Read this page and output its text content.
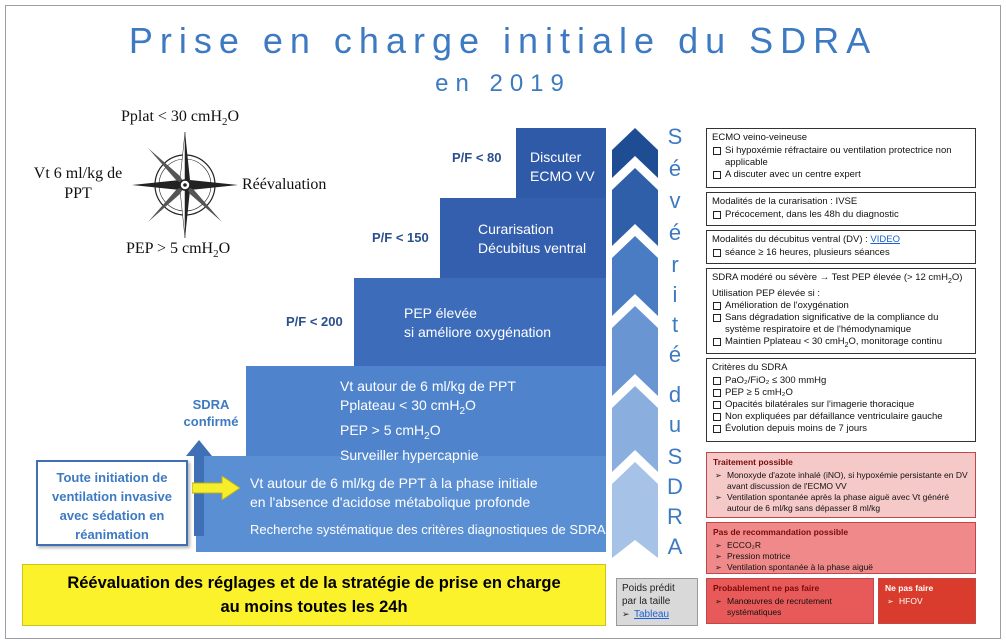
Prise en charge initiale du SDRA
en 2019
Pplat < 30 cmH$_2$O
Vt 6 ml/kg de
PPT
Réévaluation
PEP > 5 cmH$_2$O
Vt autour de 6 ml/kg de PPT à la phase initiale
en l'absence d'acidose métabolique profonde
Recherche systématique des critères diagnostiques de SDRA
Vt autour de 6 ml/kg de PPT
Pplateau < 30 cmH$_2$O
PEP > 5 cmH$_2$O
Surveiller hypercapnie
PEP élevée
si améliore oxygénation
Curarisation
Décubitus ventral
Discuter
ECMO VV
P/F < 200
P/F < 150
P/F < 80
SDRA
confirmé
Toute initiation de
ventilation invasive
avec sédation en
réanimation
Réévaluation des réglages et de la stratégie de prise en charge
au moins toutes les 24h
S
é
v
é
r
i
t
é
d
u
S
D
R
A
ECMO veino-veineuse
Si hypoxémie réfractaire ou ventilation protectrice non applicable
A discuter avec un centre expert
Modalités de la curarisation : IVSE
Précocement, dans les 48h du diagnostic
Modalités du décubitus ventral (DV) : VIDEO
séance ≥ 16 heures, plusieurs séances
SDRA modéré ou sévère → Test PEP élevée (> 12 cmH$_2$O)
Utilisation PEP élevée si :
Amélioration de l'oxygénation
Sans dégradation significative de la compliance du système respiratoire et de l'hémodynamique
Maintien Pplateau < 30 cmH$_2$O, monitorage continu
Critères du SDRA
PaO₂/FiO₂ ≤ 300 mmHg
PEP ≥ 5 cmH₂O
Opacités bilatérales sur l'imagerie thoracique
Non expliquées par défaillance ventriculaire gauche
Évolution depuis moins de 7 jours
Traitement possible
➢ Monoxyde d'azote inhalé (iNO), si hypoxémie persistante en DV avant discussion de l'ECMO VV
➢ Ventilation spontanée après la phase aiguë avec Vt généré autour de 6 ml/kg sans dépasser 8 ml/kg
Pas de recommandation possible
➢ ECCO₂R
➢ Pression motrice
➢ Ventilation spontanée à la phase aiguë
Probablement ne pas faire
➢ Manœuvres de recrutement systématiques
Ne pas faire
➢ HFOV
Poids prédit
par la taille
➢ Tableau
